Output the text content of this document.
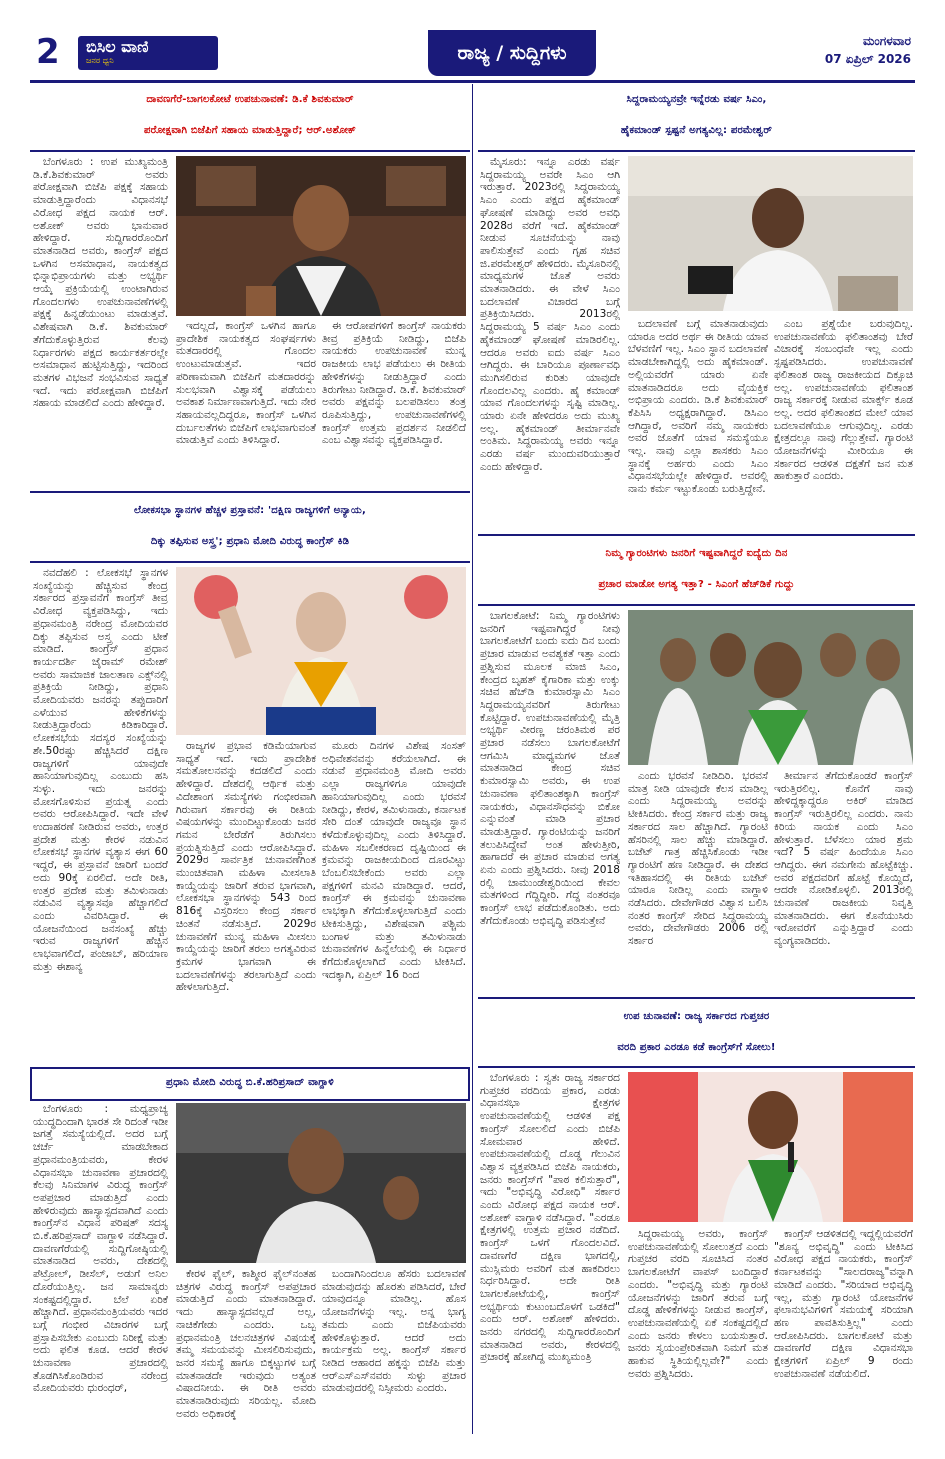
2 ಬಿಸಿಲ ವಾಣಿ
ಜನರ ಧ್ವನಿ	ರಾಜ್ಯ / ಸುದ್ದಿಗಳು
ಮಂಗಳವಾರ
07 ಏಪ್ರಿಲ್ 2026
ದಾವಣಗೆರೆ-ಬಾಗಲಕೋಟೆ ಉಪಚುನಾವಣೆ: ಡಿ.ಕೆ ಶಿವಕುಮಾರ್
ಪರೋಕ್ಷವಾಗಿ ಬಿಜೆಪಿಗೆ ಸಹಾಯ ಮಾಡುತ್ತಿದ್ದಾರೆ; ಆರ್.ಅಶೋಕ್

ಬೆಂಗಳೂರು : ಉಪ ಮುಖ್ಯಮಂತ್ರಿ ಡಿ.ಕೆ.ಶಿವಕುಮಾರ್ ಅವರು ಪರೋಕ್ಷವಾಗಿ ಬಿಜೆಪಿ ಪಕ್ಷಕ್ಕೆ ಸಹಾಯ ಮಾಡುತ್ತಿದ್ದಾರೆಂದು ವಿಧಾನಸಭೆ ವಿರೋಧ ಪಕ್ಷದ ನಾಯಕ ಆರ್. ಅಶೋಕ್ ಅವರು ಭಾನುವಾರ ಹೇಳಿದ್ದಾರೆ. ಸುದ್ದಿಗಾರರೊಂದಿಗೆ ಮಾತನಾಡಿದ ಅವರು, ಕಾಂಗ್ರೆಸ್ ಪಕ್ಷದ ಒಳಗಿನ ಅಸಮಾಧಾನ, ನಾಯಕತ್ವದ ಭಿನ್ನಾಭಿಪ್ರಾಯಗಳು ಮತ್ತು ಅಭ್ಯರ್ಥಿ ಆಯ್ಕೆ ಪ್ರಕ್ರಿಯೆಯಲ್ಲಿ ಉಂಟಾಗಿರುವ ಗೊಂದಲಗಳು ಉಪಚುನಾವಣೆಗಳಲ್ಲಿ ಪಕ್ಷಕ್ಕೆ ಹಿನ್ನಡೆಯುಂಟು ಮಾಡುತ್ತವೆ. ವಿಶೇಷವಾಗಿ ಡಿ.ಕೆ. ಶಿವಕುಮಾರ್ ತೆಗೆದುಕೊಳ್ಳುತ್ತಿರುವ ಕೆಲವು ನಿರ್ಧಾರಗಳು ಪಕ್ಷದ ಕಾರ್ಯಕರ್ತರಲ್ಲೇ ಅಸಮಾಧಾನ ಹುಟ್ಟಿಸುತ್ತಿದ್ದು, ಇದರಿಂದ ಮತಗಳ ವಿಭಜನೆ ಸಂಭವಿಸುವ ಸಾಧ್ಯತೆ ಇದೆ. ಇದು ಪರೋಕ್ಷವಾಗಿ ಬಿಜೆಪಿಗೆ ಸಹಾಯ ಮಾಡಲಿದೆ ಎಂದು ಹೇಳಿದ್ದಾರೆ.

ಇದಲ್ಲದೆ, ಕಾಂಗ್ರೆಸ್ ಒಳಗಿನ ಹಾಗೂ ಪ್ರಾದೇಶಿಕ ನಾಯಕತ್ವದ ಸಂಘರ್ಷಗಳು ಮತದಾರರಲ್ಲಿ ಗೊಂದಲ ಉಂಟುಮಾಡುತ್ತವೆ. ಇದರ ಪರಿಣಾಮವಾಗಿ ಬಿಜೆಪಿಗೆ ಮತದಾರರನ್ನು ಸುಲಭವಾಗಿ ವಿಶ್ವಾಸಕ್ಕೆ ಪಡೆಯಲು ಅವಕಾಶ ನಿರ್ಮಾಣವಾಗುತ್ತಿದೆ. ಇದು ನೇರ ಸಹಾಯವಲ್ಲದಿದ್ದರೂ, ಕಾಂಗ್ರೆಸ್ ಒಳಗಿನ ದುರ್ಬಲತೆಗಳು ಬಿಜೆಪಿಗೆ ಲಾಭವಾಗುವಂತೆ ಮಾಡುತ್ತಿವೆ ಎಂದು ತಿಳಿಸಿದ್ದಾರೆ.

ಈ ಆರೋಪಗಳಿಗೆ ಕಾಂಗ್ರೆಸ್ ನಾಯಕರು ತೀವ್ರ ಪ್ರತಿಕ್ರಿಯೆ ನೀಡಿದ್ದು, ಬಿಜೆಪಿ ನಾಯಕರು ಉಪಚುನಾವಣೆ ಮುನ್ನ ರಾಜಕೀಯ ಲಾಭ ಪಡೆಯಲು ಈ ರೀತಿಯ ಹೇಳಿಕೆಗಳನ್ನು ನೀಡುತ್ತಿದ್ದಾರೆ ಎಂದು ತಿರುಗೇಟು ನೀಡಿದ್ದಾರೆ. ಡಿ.ಕೆ. ಶಿವಕುಮಾರ್ ಅವರು ಪಕ್ಷವನ್ನು ಬಲಪಡಿಸಲು ತಂತ್ರ ರೂಪಿಸುತ್ತಿದ್ದು, ಉಪಚುನಾವಣೆಗಳಲ್ಲಿ ಕಾಂಗ್ರೆಸ್ ಉತ್ತಮ ಪ್ರದರ್ಶನ ನೀಡಲಿದೆ ಎಂಬ ವಿಶ್ವಾಸವನ್ನು ವ್ಯಕ್ತಪಡಿಸಿದ್ದಾರೆ.

ಸಿದ್ದರಾಮಯ್ಯನವ್ರೇ ಇನ್ನೆರಡು ವರ್ಷ ಸಿಎಂ,
ಹೈಕಮಾಂಡ್ ಸ್ಪಷ್ಟನೆ ಅಗತ್ಯವಿಲ್ಲ: ಪರಮೇಶ್ವರ್

ಮೈಸೂರು: ಇನ್ನೂ ಎರಡು ವರ್ಷ ಸಿದ್ದರಾಮಯ್ಯ ಅವರೇ ಸಿಎಂ ಆಗಿ ಇರುತ್ತಾರೆ. 2023ರಲ್ಲಿ ಸಿದ್ದರಾಮಯ್ಯ ಸಿಎಂ ಎಂದು ಪಕ್ಷದ ಹೈಕಮಾಂಡ್ ಘೋಷಣೆ ಮಾಡಿದ್ದು ಅವರ ಅವಧಿ 2028ರ ವರೆಗೆ ಇದೆ. ಹೈಕಮಾಂಡ್ ನೀಡುವ ಸೂಚನೆಯನ್ನು ನಾವು ಪಾಲಿಸುತ್ತೇವೆ ಎಂದು ಗೃಹ ಸಚಿವ ಜಿ.ಪರಮೇಶ್ವರ್ ಹೇಳಿದರು. ಮೈಸೂರಿನಲ್ಲಿ ಮಾಧ್ಯಮಗಳ ಜೊತೆ ಅವರು ಮಾತನಾಡಿದರು. ಈ ವೇಳೆ ಸಿಎಂ ಬದಲಾವಣೆ ವಿಚಾರದ ಬಗ್ಗೆ ಪ್ರತಿಕ್ರಿಯಿಸಿದರು. 2013ರಲ್ಲಿ ಸಿದ್ದರಾಮಯ್ಯ 5 ವರ್ಷ ಸಿಎಂ ಎಂದು ಹೈಕಮಾಂಡ್ ಘೋಷಣೆ ಮಾಡಿರಲಿಲ್ಲ. ಆದರೂ ಅವರು ಐದು ವರ್ಷ ಸಿಎಂ ಆಗಿದ್ದರು. ಈ ಬಾರಿಯೂ ಪೂರ್ಣಾವಧಿ ಮುಗಿಸಲಿರುವ ಕುರಿತು ಯಾವುದೇ ಗೊಂದಲವಿಲ್ಲ ಎಂದರು. ಹೈ ಕಮಾಂಡ್ ಯಾವ ಗೊಂದಲಗಳನ್ನು ಸೃಷ್ಟಿ ಮಾಡಿಲ್ಲ. ಯಾರು ಏನೇ ಹೇಳಿದರೂ ಅದು ಮುಖ್ಯ ಅಲ್ಲ. ಹೈಕಮಾಂಡ್ ತೀರ್ಮಾನವೇ ಅಂತಿಮ. ಸಿದ್ದರಾಮಯ್ಯ ಅವರು ಇನ್ನೂ ಎರಡು ವರ್ಷ ಮುಂದುವರಿಯುತ್ತಾರೆ ಎಂದು ಹೇಳಿದ್ದಾರೆ.

ಬದಲಾವಣೆ ಬಗ್ಗೆ ಮಾತನಾಡುವುದು ಯಾರೂ ಅದರ ಅರ್ಥ ಈ ರೀತಿಯ ಯಾವ ಬೆಳವಣಿಗೆ ಇಲ್ಲ. ಸಿಎಂ ಸ್ಥಾನ ಬದಲಾವಣೆ ಮಾಡಬೇಕಾಗಿದ್ದಲ್ಲಿ ಅದು ಹೈಕಮಾಂಡ್. ಅಲ್ಲಿಯವರೆಗೆ ಯಾರು ಏನೇ ಮಾತನಾಡಿದರೂ ಅದು ವೈಯಕ್ತಿಕ ಅಭಿಪ್ರಾಯ ಎಂದರು. ಡಿ.ಕೆ ಶಿವಕುಮಾರ್ ಕೆಪಿಸಿಸಿ ಅಧ್ಯಕ್ಷರಾಗಿದ್ದಾರೆ. ಡಿಸಿಎಂ ಆಗಿದ್ದಾರೆ, ಅವರಿಗೆ ನಮ್ಮ ನಾಯಕರು ಅವರ ಜೊತೆಗೆ ಯಾವ ಸಮಸ್ಯೆಯೂ ಇಲ್ಲ. ನಾವು ಎಲ್ಲಾ ಶಾಸಕರು ಸಿಎಂ ಸ್ಥಾನಕ್ಕೆ ಅರ್ಹರು ಎಂದು ಸಿಎಂ ವಿಧಾನಸಭೆಯಲ್ಲೇ ಹೇಳಿದ್ದಾರೆ. ಅವರಲ್ಲಿ ನಾನು ಕರ್ಮ ಇಟ್ಟುಕೊಂಡು ಬರುತ್ತಿದ್ದೇನೆ.

ಎಂಬ ಪ್ರಶ್ನೆಯೇ ಬರುವುದಿಲ್ಲ. ಉಪಚುನಾವಣೆಯ ಫಲಿತಾಂಶವು ಬೇರೆ ವಿಚಾರಕ್ಕೆ ಸಂಬಂಧವೇ ಇಲ್ಲ ಎಂದು ಸ್ಪಷ್ಟಪಡಿಸಿದರು. ಉಪಚುನಾವಣೆ ಫಲಿತಾಂಶ ರಾಜ್ಯ ರಾಜಕೀಯದ ದಿಕ್ಸೂಚಿ ಅಲ್ಲ. ಉಪಚುನಾವಣೆಯ ಫಲಿತಾಂಶ ರಾಜ್ಯ ಸರ್ಕಾರಕ್ಕೆ ನೀಡುವ ಮಾರ್ಕ್ಸ್ ಕೂಡ ಅಲ್ಲ. ಅದರ ಫಲಿತಾಂಶದ ಮೇಲೆ ಯಾವ ಬದಲಾವಣೆಯೂ ಆಗುವುದಿಲ್ಲ. ಎರಡು ಕ್ಷೇತ್ರದಲ್ಲೂ ನಾವು ಗೆಲ್ಲುತ್ತೇವೆ. ಗ್ಯಾರಂಟಿ ಯೋಜನೆಗಳನ್ನು ಮೀರಿಯೂ ಈ ಸರ್ಕಾರದ ಆಡಳಿತ ದಕ್ಷತೆಗೆ ಜನ ಮತ ಹಾಕುತ್ತಾರೆ ಎಂದರು.

ಲೋಕಸಭಾ ಸ್ಥಾನಗಳ ಹೆಚ್ಚಳ ಪ್ರಸ್ತಾವನೆ: 'ದಕ್ಷಿಣ ರಾಜ್ಯಗಳಿಗೆ ಅನ್ಯಾಯ,
ದಿಕ್ಕು ತಪ್ಪಿಸುವ ಅಸ್ತ್ರ'; ಪ್ರಧಾನಿ ಮೋದಿ ವಿರುದ್ಧ ಕಾಂಗ್ರೆಸ್ ಕಿಡಿ

ನವದೆಹಲಿ : ಲೋಕಸಭೆ ಸ್ಥಾನಗಳ ಸಂಖ್ಯೆಯನ್ನು ಹೆಚ್ಚಿಸುವ ಕೇಂದ್ರ ಸರ್ಕಾರದ ಪ್ರಸ್ತಾವನೆಗೆ ಕಾಂಗ್ರೆಸ್ ತೀವ್ರ ವಿರೋಧ ವ್ಯಕ್ತಪಡಿಸಿದ್ದು, ಇದು ಪ್ರಧಾನಮಂತ್ರಿ ನರೇಂದ್ರ ಮೋದಿಯವರ ದಿಕ್ಕು ತಪ್ಪಿಸುವ ಅಸ್ತ್ರ ಎಂದು ಟೀಕೆ ಮಾಡಿದೆ. ಕಾಂಗ್ರೆಸ್ ಪ್ರಧಾನ ಕಾರ್ಯದರ್ಶಿ ಜೈರಾಮ್ ರಮೇಶ್ ಅವರು ಸಾಮಾಜಿಕ ಜಾಲತಾಣ ಎಕ್ಸ್‌ನಲ್ಲಿ ಪ್ರತಿಕ್ರಿಯೆ ನೀಡಿದ್ದು, ಪ್ರಧಾನಿ ಮೋದಿಯವರು ಜನರನ್ನು ತಪ್ಪುದಾರಿಗೆ ಎಳೆಯುವ ಹೇಳಿಕೆಗಳನ್ನು ನೀಡುತ್ತಿದ್ದಾರೆಂದು ಕಿಡಿಕಾರಿದ್ದಾರೆ. ಲೋಕಸಭೆಯ ಸದಸ್ಯರ ಸಂಖ್ಯೆಯನ್ನು ಶೇ.50ರಷ್ಟು ಹೆಚ್ಚಿಸಿದರೆ ದಕ್ಷಿಣ ರಾಜ್ಯಗಳಿಗೆ ಯಾವುದೇ ಹಾನಿಯಾಗುವುದಿಲ್ಲ ಎಂಬುದು ಹಸಿ ಸುಳ್ಳು. ಇದು ಜನರನ್ನು ಮೋಸಗೊಳಿಸುವ ಪ್ರಯತ್ನ ಎಂದು ಅವರು ಆರೋಪಿಸಿದ್ದಾರೆ. ಇದೇ ವೇಳೆ ಉದಾಹರಣೆ ನೀಡಿರುವ ಅವರು, ಉತ್ತರ ಪ್ರದೇಶ ಮತ್ತು ಕೇರಳ ನಡುವಿನ ಲೋಕಸಭೆ ಸ್ಥಾನಗಳ ವ್ಯತ್ಯಾಸ ಈಗ 60 ಇದ್ದರೆ, ಈ ಪ್ರಸ್ತಾವನೆ ಜಾರಿಗೆ ಬಂದರೆ ಅದು 90ಕ್ಕೆ ಏರಲಿದೆ. ಅದೇ ರೀತಿ, ಉತ್ತರ ಪ್ರದೇಶ ಮತ್ತು ತಮಿಳುನಾಡು ನಡುವಿನ ವ್ಯತ್ಯಾಸವೂ ಹೆಚ್ಚಾಗಲಿದೆ ಎಂದು ವಿವರಿಸಿದ್ದಾರೆ. ಈ ಯೋಜನೆಯಿಂದ ಜನಸಂಖ್ಯೆ ಹೆಚ್ಚು ಇರುವ ರಾಜ್ಯಗಳಿಗೆ ಹೆಚ್ಚಿನ ಲಾಭವಾಗಲಿದೆ, ಪಂಜಾಬ್, ಹರಿಯಾಣ ಮತ್ತು ಈಶಾನ್ಯ

ರಾಜ್ಯಗಳ ಪ್ರಭಾವ ಕಡಿಮೆಯಾಗುವ ಸಾಧ್ಯತೆ ಇದೆ. ಇದು ಪ್ರಾದೇಶಿಕ ಸಮತೋಲನವನ್ನು ಕದಡಲಿದೆ ಎಂದು ಹೇಳಿದ್ದಾರೆ. ದೇಶದಲ್ಲಿ ಆರ್ಥಿಕ ಮತ್ತು ವಿದೇಶಾಂಗ ಸಮಸ್ಯೆಗಳು ಗಂಭೀರವಾಗಿ ಗಿರುವಾಗ ಸರ್ಕಾರವು ಈ ರೀತಿಯ ವಿಷಯಗಳನ್ನು ಮುಂದಿಟ್ಟುಕೊಂಡು ಜನರ ಗಮನ ಬೇರೆಡೆಗೆ ತಿರುಗಿಸಲು ಪ್ರಯತ್ನಿಸುತ್ತಿದೆ ಎಂದು ಆರೋಪಿಸಿದ್ದಾರೆ. 2029ರ ಸಾರ್ವತ್ರಿಕ ಚುನಾವಣೆಗಿಂತ ಮುಂಚಿತವಾಗಿ ಮಹಿಳಾ ಮೀಸಲಾತಿ ಕಾಯ್ದೆಯನ್ನು ಜಾರಿಗೆ ತರುವ ಭಾಗವಾಗಿ, ಲೋಕಸಭಾ ಸ್ಥಾನಗಳನ್ನು 543 ರಿಂದ 816ಕ್ಕೆ ವಿಸ್ತರಿಸಲು ಕೇಂದ್ರ ಸರ್ಕಾರ ಚಿಂತನೆ ನಡೆಸುತ್ತಿದೆ. 2029ರ ಚುನಾವಣೆಗೆ ಮುನ್ನ ಮಹಿಳಾ ಮೀಸಲು ಕಾಯ್ದೆಯನ್ನು ಜಾರಿಗೆ ತರಲು ಅಗತ್ಯವಿರುವ ಕ್ರಮಗಳ ಭಾಗವಾಗಿ ಈ ಬದಲಾವಣೆಗಳನ್ನು ತರಲಾಗುತ್ತಿದೆ ಎಂದು ಹೇಳಲಾಗುತ್ತಿದೆ.

ಮೂರು ದಿನಗಳ ವಿಶೇಷ ಸಂಸತ್ ಅಧಿವೇಶನವನ್ನು ಕರೆಯಲಾಗಿದೆ. ಈ ನಡುವೆ ಪ್ರಧಾನಮಂತ್ರಿ ಮೋದಿ ಅವರು ಎಲ್ಲಾ ರಾಜ್ಯಗಳಿಗೂ ಯಾವುದೇ ಹಾನಿಯಾಗುವುದಿಲ್ಲ ಎಂದು ಭರವಸೆ ನೀಡಿದ್ದು, ಕೇರಳ, ತಮಿಳುನಾಡು, ಕರ್ನಾಟಕ ಸೇರಿ ದಂತೆ ಯಾವುದೇ ರಾಜ್ಯವೂ ಸ್ಥಾನ ಕಳೆದುಕೊಳ್ಳುವುದಿಲ್ಲ ಎಂದು ತಿಳಿಸಿದ್ದಾರೆ. ಮಹಿಳಾ ಸಬಲೀಕರಣದ ದೃಷ್ಟಿಯಿಂದ ಈ ಕ್ರಮವನ್ನು ರಾಜಕೀಯದಿಂದ ದೂರವಿಟ್ಟು ಬೆಂಬಲಿಸಬೇಕೆಂದು ಅವರು ಎಲ್ಲಾ ಪಕ್ಷಗಳಿಗೆ ಮನವಿ ಮಾಡಿದ್ದಾರೆ. ಆದರೆ, ಕಾಂಗ್ರೆಸ್ ಈ ಕ್ರಮವನ್ನು ಚುನಾವಣಾ ಲಾಭಕ್ಕಾಗಿ ತೆಗೆದುಕೊಳ್ಳಲಾಗುತ್ತಿದೆ ಎಂದು ಟೀಕಿಸುತ್ತಿದ್ದು, ವಿಶೇಷವಾಗಿ ಪಶ್ಚಿಮ ಬಂಗಾಳ ಮತ್ತು ತಮಿಳುನಾಡು ಚುನಾವಣೆಗಳ ಹಿನ್ನೆಲೆಯಲ್ಲಿ ಈ ನಿರ್ಧಾರ ಕೆಗೆದುಕೊಳ್ಳಲಾಗಿದೆ ಎಂದು ಟೀಕಿಸಿದೆ. ಇದಕ್ಕಾಗಿ, ಏಪ್ರಿಲ್ 16 ರಿಂದ

ನಿಮ್ಮ ಗ್ಯಾರಂಟಿಗಳು ಜನರಿಗೆ ಇಷ್ಟವಾಗಿದ್ದರೆ ಐದ್ಯೆದು ದಿನ
ಪ್ರಚಾರ ಮಾಡೋ ಅಗತ್ಯ ಇತ್ತಾ? - ಸಿಎಂಗೆ ಹೆಚ್‌ಡಿಕೆ ಗುದ್ದು

ಬಾಗಲಕೋಟೆ: ನಿಮ್ಮ ಗ್ಯಾರಂಟಿಗಳು ಜನರಿಗೆ ಇಷ್ಟವಾಗಿದ್ದರೆ ನೀವು ಬಾಗಲಕೋಟೆಗೆ ಬಂದು ಐದು ದಿನ ಬಂದು ಪ್ರಚಾರ ಮಾಡುವ ಅವಶ್ಯಕತೆ ಇತ್ತಾ ಎಂದು ಪ್ರಶ್ನಿಸುವ ಮೂಲಕ ಮಾಜಿ ಸಿಎಂ, ಕೇಂದ್ರದ ಬೃಹತ್ ಕೈಗಾರಿಕಾ ಮತ್ತು ಉಕ್ಕು ಸಚಿವ ಹೆಚ್‌ಡಿ ಕುಮಾರಸ್ವಾಮಿ ಸಿಎಂ ಸಿದ್ದರಾಮಯ್ಯನವರಿಗೆ ತಿರುಗೇಟು ಕೊಟ್ಟಿದ್ದಾರೆ. ಉಪಚುನಾವಣೆಯಲ್ಲಿ ಮೈತ್ರಿ ಅಭ್ಯರ್ಥಿ ವೀರಣ್ಣ ಚರಂತಿಮಠ ಪರ ಪ್ರಚಾರ ನಡೆಸಲು ಬಾಗಲಕೋಟೆಗೆ ಆಗಮಿಸಿ ಮಾಧ್ಯಮಗಳ ಜೊತೆ ಮಾತನಾಡಿದ ಕೇಂದ್ರ ಸಚಿವ ಕುಮಾರಸ್ವಾಮಿ ಅವರು, ಈ ಉಪ ಚುನಾವಣಾ ಫಲಿತಾಂಶಕ್ಕಾಗಿ ಕಾಂಗ್ರೆಸ್ ನಾಯಕರು, ವಿಧಾನಸೌಧವನ್ನು ಬಿಕೋ ಎನ್ನುವಂತೆ ಮಾಡಿ ಪ್ರಚಾರ ಮಾಡುತ್ತಿದ್ದಾರೆ. ಗ್ಯಾರಂಟಿಯನ್ನು ಜನರಿಗೆ ತಲುಪಿಸಿದ್ದೇವೆ ಅಂತ ಹೇಳುತ್ತೀರಿ, ಹಾಗಾದರೆ ಈ ಪ್ರಚಾರ ಮಾಡುವ ಅಗತ್ಯ ಏನು ಎಂದು ಪ್ರಶ್ನಿಸಿದರು. ನೀವು 2018 ರಲ್ಲಿ ಚಾಮುಂಡೇಶ್ವರಿಯಿಂದ ಕೇವಲ ಮತಗಳಿಂದ ಗೆದ್ದಿದ್ದೀರಿ. ಗೆದ್ದ ನಂತರವೂ ಕಾಂಗ್ರೆಸ್ ಲಾಭ ಪಡೆದುಕೊಂಡಿತು. ಅದು ತೆಗೆದುಕೊಂಡು ಅಭಿವೃದ್ಧಿ ಪಡಿಸುತ್ತೇನೆ

ಎಂದು ಭರವಸೆ ನೀಡಿದಿರಿ. ಭರವಸೆ ಮಾತ್ರ ನೀಡಿ ಯಾವುದೇ ಕೆಲಸ ಮಾಡಿಲ್ಲ ಎಂದು ಸಿದ್ದರಾಮಯ್ಯ ಅವರನ್ನು ಟೀಕಿಸಿದರು. ಕೇಂದ್ರ ಸರ್ಕಾರ ಮತ್ತು ರಾಜ್ಯ ಸರ್ಕಾರದ ಸಾಲ ಹೆಚ್ಚಾಗಿದೆ. ಗ್ಯಾರಂಟಿ ಹೆಸರಿನಲ್ಲಿ ಸಾಲ ಹೆಚ್ಚು ಮಾಡಿದ್ದಾರೆ. ಬಜೆಟ್ ಗಾತ್ರ ಹೆಚ್ಚಿಸಿಕೊಂಡು ಇಡೀ ಗ್ಯಾರಂಟಿಗೆ ಹಣ ನೀಡಿದ್ದಾರೆ. ಈ ದೇಶದ ಇತಿಹಾಸದಲ್ಲಿ ಈ ರೀತಿಯ ಬಜೆಟ್ ಯಾರೂ ನೀಡಿಲ್ಲ ಎಂದು ವಾಗ್ದಾಳಿ ನಡೆಸಿದರು. ದೇವೇಗೌಡರ ವಿಶ್ವಾಸ ಬಲಿಸಿ ನಂತರ ಕಾಂಗ್ರೆಸ್ ಸೇರಿದ ಸಿದ್ದರಾಮಯ್ಯ ಅವರು, ದೇವೇಗೌಡರು 2006 ರಲ್ಲಿ ಸರ್ಕಾರ

ತೀರ್ಮಾನ ತೆಗೆದುಕೊಂಡರೆ ಕಾಂಗ್ರೆಸ್ ಇರುತ್ತಿರಲಿಲ್ಲ. ಕೊನೆಗೆ ನಾವು ಹೇಳಿದ್ದಕ್ಕಾದ್ದರೂ ಅಕಿರ್ ಮಾಡಿದ ಕಾಂಗ್ರೆಸ್ ಇರುತ್ತಿರಲಿಲ್ಲ ಎಂದರು. ನಾನು ಕಿರಿಯ ನಾಯಕ ಎಂದು ಸಿಎಂ ಹೇಳುತ್ತಾರೆ. ಬೆಳೆಸಲು ಯಾರ ಶ್ರಮ ಇದೆ? 5 ವರ್ಷ ಹಿಂದೆಯೂ ಸಿಎಂ ಆಗಿದ್ದರು. ಈಗ ನಮಗೇನು ಹೊಟ್ಟೆಕಿಚ್ಚು. ಅವರ ಪಕ್ಷದವರಿಗೆ ಹೊಟ್ಟೆ ಕೊಯ್ದಿದೆ, ಆದರೇ ನೋಡಿಕೊಳ್ಳಲಿ. 2013ರಲ್ಲಿ ಚುನಾವಣೆ ರಾಜಕೀಯ ನಿವೃತ್ತಿ ಮಾತನಾಡಿದರು. ಈಗ ಕೊನೆಯುಸಿರು ಇರೋವರೆಗೆ ಎನ್ನುತ್ತಿದ್ದಾರೆ ಎಂದು ವ್ಯಂಗ್ಯವಾಡಿದರು.

ಉಪ ಚುನಾವಣೆ: ರಾಜ್ಯ ಸರ್ಕಾರದ ಗುಪ್ತಚರ
ವರದಿ ಪ್ರಕಾರ ಎರಡೂ ಕಡೆ ಕಾಂಗ್ರೆಸ್‌ಗೆ ಸೋಲು!

ಬೆಂಗಳೂರು : ಸ್ವತಃ ರಾಜ್ಯ ಸರ್ಕಾರದ ಗುಪ್ತಚರ ವರದಿಯ ಪ್ರಕಾರ, ಎರಡು ವಿಧಾನಸಭಾ ಕ್ಷೇತ್ರಗಳ ಉಪಚುನಾವಣೆಯಲ್ಲಿ ಆಡಳಿತ ಪಕ್ಷ ಕಾಂಗ್ರೆಸ್ ಸೋಲಲಿದೆ ಎಂದು ಬಿಜೆಪಿ ಸೋಮವಾರ ಹೇಳಿದೆ. ಉಪಚುನಾವಣೆಯಲ್ಲಿ ದೊಡ್ಡ ಗೆಲುವಿನ ವಿಶ್ವಾಸ ವ್ಯಕ್ತಪಡಿಸಿದ ಬಿಜೆಪಿ ನಾಯಕರು, ಜನರು ಕಾಂಗ್ರೆಸ್‌ಗೆ "ಪಾಠ ಕಲಿಸುತ್ತಾರೆ", ಇದು "ಅಭಿವೃದ್ಧಿ ವಿರೋಧಿ" ಸರ್ಕಾರ ಎಂದು ವಿರೋಧ ಪಕ್ಷದ ನಾಯಕ ಆರ್. ಅಶೋಕ್ ವಾಗ್ದಾಳಿ ನಡೆಸಿದ್ದಾರೆ. "ಎರಡೂ ಕ್ಷೇತ್ರಗಳಲ್ಲಿ ಉತ್ತಮ ಪ್ರಚಾರ ನಡೆದಿದೆ. ಕಾಂಗ್ರೆಸ್ ಒಳಗೆ ಗೊಂದಲವಿದೆ. ದಾವಣಗೆರೆ ದಕ್ಷಿಣ ಭಾಗದಲ್ಲಿ, ಮುಸ್ಲಿಮರು ಅವರಿಗೆ ಮತ ಹಾಕದಿರಲು ನಿರ್ಧರಿಸಿದ್ದಾರೆ. ಅದೇ ರೀತಿ ಬಾಗಲಕೋಟೆಯಲ್ಲಿ, ಕಾಂಗ್ರೆಸ್ ಅಭ್ಯರ್ಥಿಯ ಕುಟುಂಬದೊಳಗೆ ಒಡಕಿದೆ" ಎಂದು ಆರ್. ಅಶೋಕ್ ಹೇಳಿದರು. ಜನರು ನಗರದಲ್ಲಿ ಸುದ್ದಿಗಾರರೊಂದಿಗೆ ಮಾತನಾಡಿದ ಅವರು, ಕೇರಳದಲ್ಲಿ ಪ್ರಚಾರಕ್ಕೆ ಹೋಗಿದ್ದ ಮುಖ್ಯಮಂತ್ರಿ

ಸಿದ್ದರಾಮಯ್ಯ ಅವರು, ಕಾಂಗ್ರೆಸ್ ಉಪಚುನಾವಣೆಯಲ್ಲಿ ಸೋಲುತ್ತದೆ ಎಂದು ಗುಪ್ತಚರ ವರದಿ ಸೂಚಿಸಿದ ನಂತರ ಬಾಗಲಕೋಟೆಗೆ ವಾಪಸ್ ಬಂದಿದ್ದಾರೆ ಎಂದರು. "ಅಭಿವೃದ್ಧಿ ಮತ್ತು ಗ್ಯಾರಂಟಿ ಯೋಜನೆಗಳನ್ನು ಜಾರಿಗೆ ತರುವ ಬಗ್ಗೆ ದೊಡ್ಡ ಹೇಳಿಕೆಗಳನ್ನು ನೀಡುವ ಕಾಂಗ್ರೆಸ್, ಉಪಚುನಾವಣೆಯಲ್ಲಿ ಏಕೆ ಸಂಕಷ್ಟದಲ್ಲಿದೆ ಎಂದು ಜನರು ಕೇಳಲು ಬಯಸುತ್ತಾರೆ. ಜನರು ಸ್ವಯಂಪ್ರೇರಿತವಾಗಿ ನಿಮಗೆ ಮತ ಹಾಕುವ ಸ್ಥಿತಿಯಲ್ಲಿಲ್ಲವೇ?" ಎಂದು ಅವರು ಪ್ರಶ್ನಿಸಿದರು.

ಕಾಂಗ್ರೆಸ್ ಆಡಳಿತದಲ್ಲಿ ಇದ್ದಲ್ಲಿಯವರೆಗೆ "ಶೂನ್ಯ ಅಭಿವೃದ್ಧಿ" ಎಂದು ಟೀಕಿಸಿದ ವಿರೋಧ ಪಕ್ಷದ ನಾಯಕರು, ಕಾಂಗ್ರೆಸ್ ಕರ್ನಾಟಕವನ್ನು "ಸಾಲದರಾಜ್ಯ"ವನ್ನಾಗಿ ಮಾಡಿದೆ ಎಂದರು. "ಸರಿಯಾದ ಅಭಿವೃದ್ಧಿ ಇಲ್ಲ, ಮತ್ತು ಗ್ಯಾರಂಟಿ ಯೋಜನೆಗಳ ಫಲಾನುಭವಿಗಳಿಗೆ ಸಮಯಕ್ಕೆ ಸರಿಯಾಗಿ ಹಣ ಪಾವತಿಸುತ್ತಿಲ್ಲ" ಎಂದು ಆರೋಪಿಸಿದರು. ಬಾಗಲಕೋಟೆ ಮತ್ತು ದಾವಣಗೆರೆ ದಕ್ಷಿಣ ವಿಧಾನಸಭಾ ಕ್ಷೇತ್ರಗಳಿಗೆ ಏಪ್ರಿಲ್ 9 ರಂದು ಉಪಚುನಾವಣೆ ನಡೆಯಲಿದೆ.

ಪ್ರಧಾನಿ ಮೋದಿ ವಿರುದ್ಧ ಬಿ.ಕೆ.ಹರಿಪ್ರಸಾದ್ ವಾಗ್ದಾಳಿ

ಬೆಂಗಳೂರು : ಮಧ್ಯಪ್ರಾಚ್ಯ ಯುದ್ಧದಿಂದಾಗಿ ಭಾರತ ಸೇ ರಿದಂತೆ ಇಡೀ ಜಗತ್ತೆ ಸಮಸ್ಯೆಯಲ್ಲಿದೆ. ಅದರ ಬಗ್ಗೆ ಚರ್ಚೆ ಮಾಡಬೇಕಾದ ಪ್ರಧಾನಮಂತ್ರಿಯವರು, ಕೇರಳ ವಿಧಾನಸಭಾ ಚುನಾವಣಾ ಪ್ರಚಾರದಲ್ಲಿ ಕೆಲವು ಸಿನಿಮಾಗಳ ವಿರುದ್ಧ ಕಾಂಗ್ರೆಸ್ ಅಪಪ್ರಚಾರ ಮಾಡುತ್ತಿದೆ ಎಂದು ಹೇಳಿರುವುದು ಹಾಸ್ಯಾಸ್ಪದವಾಗಿದೆ ಎಂದು ಕಾಂಗ್ರೆಸ್‌ನ ವಿಧಾನ ಪರಿಷತ್ ಸದಸ್ಯ ಬಿ.ಕೆ.ಹರಿಪ್ರಸಾದ್ ವಾಗ್ದಾಳಿ ನಡೆಸಿದ್ದಾರೆ. ದಾವಣಗೆರೆಯಲ್ಲಿ ಸುದ್ದಿಗೋಷ್ಠಿಯಲ್ಲಿ ಮಾತನಾಡಿದ ಅವರು, ದೇಶದಲ್ಲಿ ಪೆಟ್ರೋಲ್, ಡೀಸೆಲ್, ಅಡುಗೆ ಅನಿಲ ದೊರೆಯುತ್ತಿಲ್ಲ. ಜನ ಸಾಮಾನ್ಯರು ಸಂಕಷ್ಟದಲ್ಲಿದ್ದಾರೆ. ಬೆಲೆ ಏರಿಕೆ ಹೆಚ್ಚಾಗಿದೆ. ಪ್ರಧಾನಮಂತ್ರಿಯವರು ಇದರ ಬಗ್ಗೆ ಗಂಭೀರ ವಿಚಾರಗಳ ಬಗ್ಗೆ ಪ್ರಸ್ತಾಪಿಸಬೇಕು ಎಂಬುದು ನಿರೀಕ್ಷೆ ಮತ್ತು ಅದು ಫಲಿತ ಕೂಡ. ಆದರೆ ಕೇರಳ ಚುನಾವಣಾ ಪ್ರಚಾರದಲ್ಲಿ ತೊಡಗಿಸಿಕೊಂಡಿರುವ ನರೇಂದ್ರ ಮೋದಿಯವರು ಧುರಂಧರ್,

ಕೇರಳ ಫೈಲ್, ಕಾಶ್ಮೀರ ಫೈಲ್‌ನಂತಹ ಚಿತ್ರಗಳ ವಿರುದ್ಧ ಕಾಂಗ್ರೆಸ್ ಅಪಪ್ರಚಾರ ಮಾಡುತ್ತಿದೆ ಎಂದು ಮಾತನಾಡಿದ್ದಾರೆ. ಇದು ಹಾಸ್ಯಾಸ್ಪದವಲ್ಲದೆ ಅಲ್ಲ, ನಾಚಿಕೆಗೇಡು ಎಂದರು. ಒಬ್ಬ ಪ್ರಧಾನಮಂತ್ರಿ ಚಲನಚಿತ್ರಗಳ ವಿಷಯಕ್ಕೆ ತಮ್ಮ ಸಮಯವನ್ನು ಮೀಸಲಿರಿಸುವುದು, ಜನರ ಸಮಸ್ಯೆ ಹಾಗೂ ಬಿಕ್ಕಟ್ಟುಗಳ ಬಗ್ಗೆ ಮಾತನಾಡದೇ ಇರುವುದು ಅತ್ಯಂತ ವಿಷಾದನೀಯ. ಈ ರೀತಿ ಅವರು ಮಾತನಾಡಿರುವುದು ಸರಿಯಲ್ಲ. ಮೋದಿ ಅವರು ಅಧಿಕಾರಕ್ಕೆ

ಬಂದಾಗಿನಿಂದಲೂ ಹೆಸರು ಬದಲಾವಣೆ ಮಾಡುವುದನ್ನು ಹೊರತು ಪಡಿಸಿದರೆ, ಬೇರೆ ಯಾವುದನ್ನೂ ಮಾಡಿಲ್ಲ. ಹೊಸ ಯೋಜನೆಗಳನ್ನು ಇಲ್ಲ. ಅನ್ನ ಭಾಗ್ಯ ತಮದು ಎಂದು ಬಿಜೆಪಿಯವರು ಹೇಳಿಕೊಳ್ಳುತ್ತಾರೆ. ಆದರೆ ಅದು ಕಾರ್ಯಕ್ರಮ ಅಲ್ಲ. ಕಾಂಗ್ರೆಸ್ ಸರ್ಕಾರ ನೀಡಿದ ಆಹಾರದ ಹಕ್ಕನ್ನು ಬಿಜೆಪಿ ಮತ್ತು ಆರ್‌ಎಸ್‌ಎಸ್‌ನವರು ಸುಳ್ಳು ಪ್ರಚಾರ ಮಾಡುವುದರಲ್ಲಿ ನಿಸ್ಸೀಮರು ಎಂದರು.
